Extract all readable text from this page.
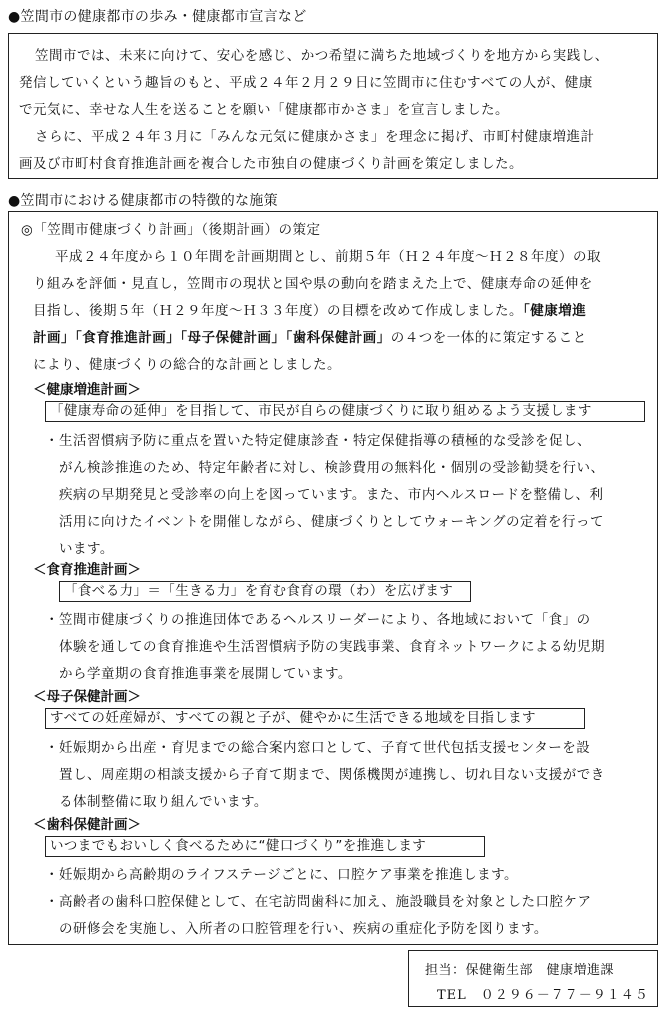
●笠間市の健康都市の歩み・健康都市宣言など
笠間市では、未来に向けて、安心を感じ、かつ希望に満ちた地域づくりを地方から実践し、
発信していくという趣旨のもと、平成２４年２月２９日に笠間市に住むすべての人が、健康
で元気に、幸せな人生を送ることを願い「健康都市かさま」を宣言しました。
さらに、平成２４年３月に「みんな元気に健康かさま」を理念に掲げ、市町村健康増進計
画及び市町村食育推進計画を複合した市独自の健康づくり計画を策定しました。
●笠間市における健康都市の特徴的な施策
◎「笠間市健康づくり計画」（後期計画）の策定
平成２４年度から１０年間を計画期間とし、前期５年（Ｈ２４年度～Ｈ２８年度）の取
り組みを評価・見直し，笠間市の現状と国や県の動向を踏まえた上で、健康寿命の延伸を
目指し、後期５年（Ｈ２９年度～Ｈ３３年度）の目標を改めて作成しました。「健康増進
計画」「食育推進計画」「母子保健計画」「歯科保健計画」の４つを一体的に策定すること
により、健康づくりの総合的な計画としました。
＜健康増進計画＞
「健康寿命の延伸」を目指して、市民が自らの健康づくりに取り組めるよう支援します
・生活習慣病予防に重点を置いた特定健康診査・特定保健指導の積極的な受診を促し、
がん検診推進のため、特定年齢者に対し、検診費用の無料化・個別の受診勧奨を行い、
疾病の早期発見と受診率の向上を図っています。また、市内ヘルスロードを整備し、利
活用に向けたイベントを開催しながら、健康づくりとしてウォーキングの定着を行って
います。
＜食育推進計画＞
「食べる力」＝「生きる力」を育む食育の環（わ）を広げます
・笠間市健康づくりの推進団体であるヘルスリーダーにより、各地域において「食」の
体験を通しての食育推進や生活習慣病予防の実践事業、食育ネットワークによる幼児期
から学童期の食育推進事業を展開しています。
＜母子保健計画＞
すべての妊産婦が、すべての親と子が、健やかに生活できる地域を目指します
・妊娠期から出産・育児までの総合案内窓口として、子育て世代包括支援センターを設
置し、周産期の相談支援から子育て期まで、関係機関が連携し、切れ目ない支援ができ
る体制整備に取り組んでいます。
＜歯科保健計画＞
いつまでもおいしく食べるために“健口づくり”を推進します
・妊娠期から高齢期のライフステージごとに、口腔ケア事業を推進します。
・高齢者の歯科口腔保健として、在宅訪問歯科に加え、施設職員を対象とした口腔ケア
の研修会を実施し、入所者の口腔管理を行い、疾病の重症化予防を図ります。
担当：保健衛生部　健康増進課
TEL　０２９６－７７－９１４５
